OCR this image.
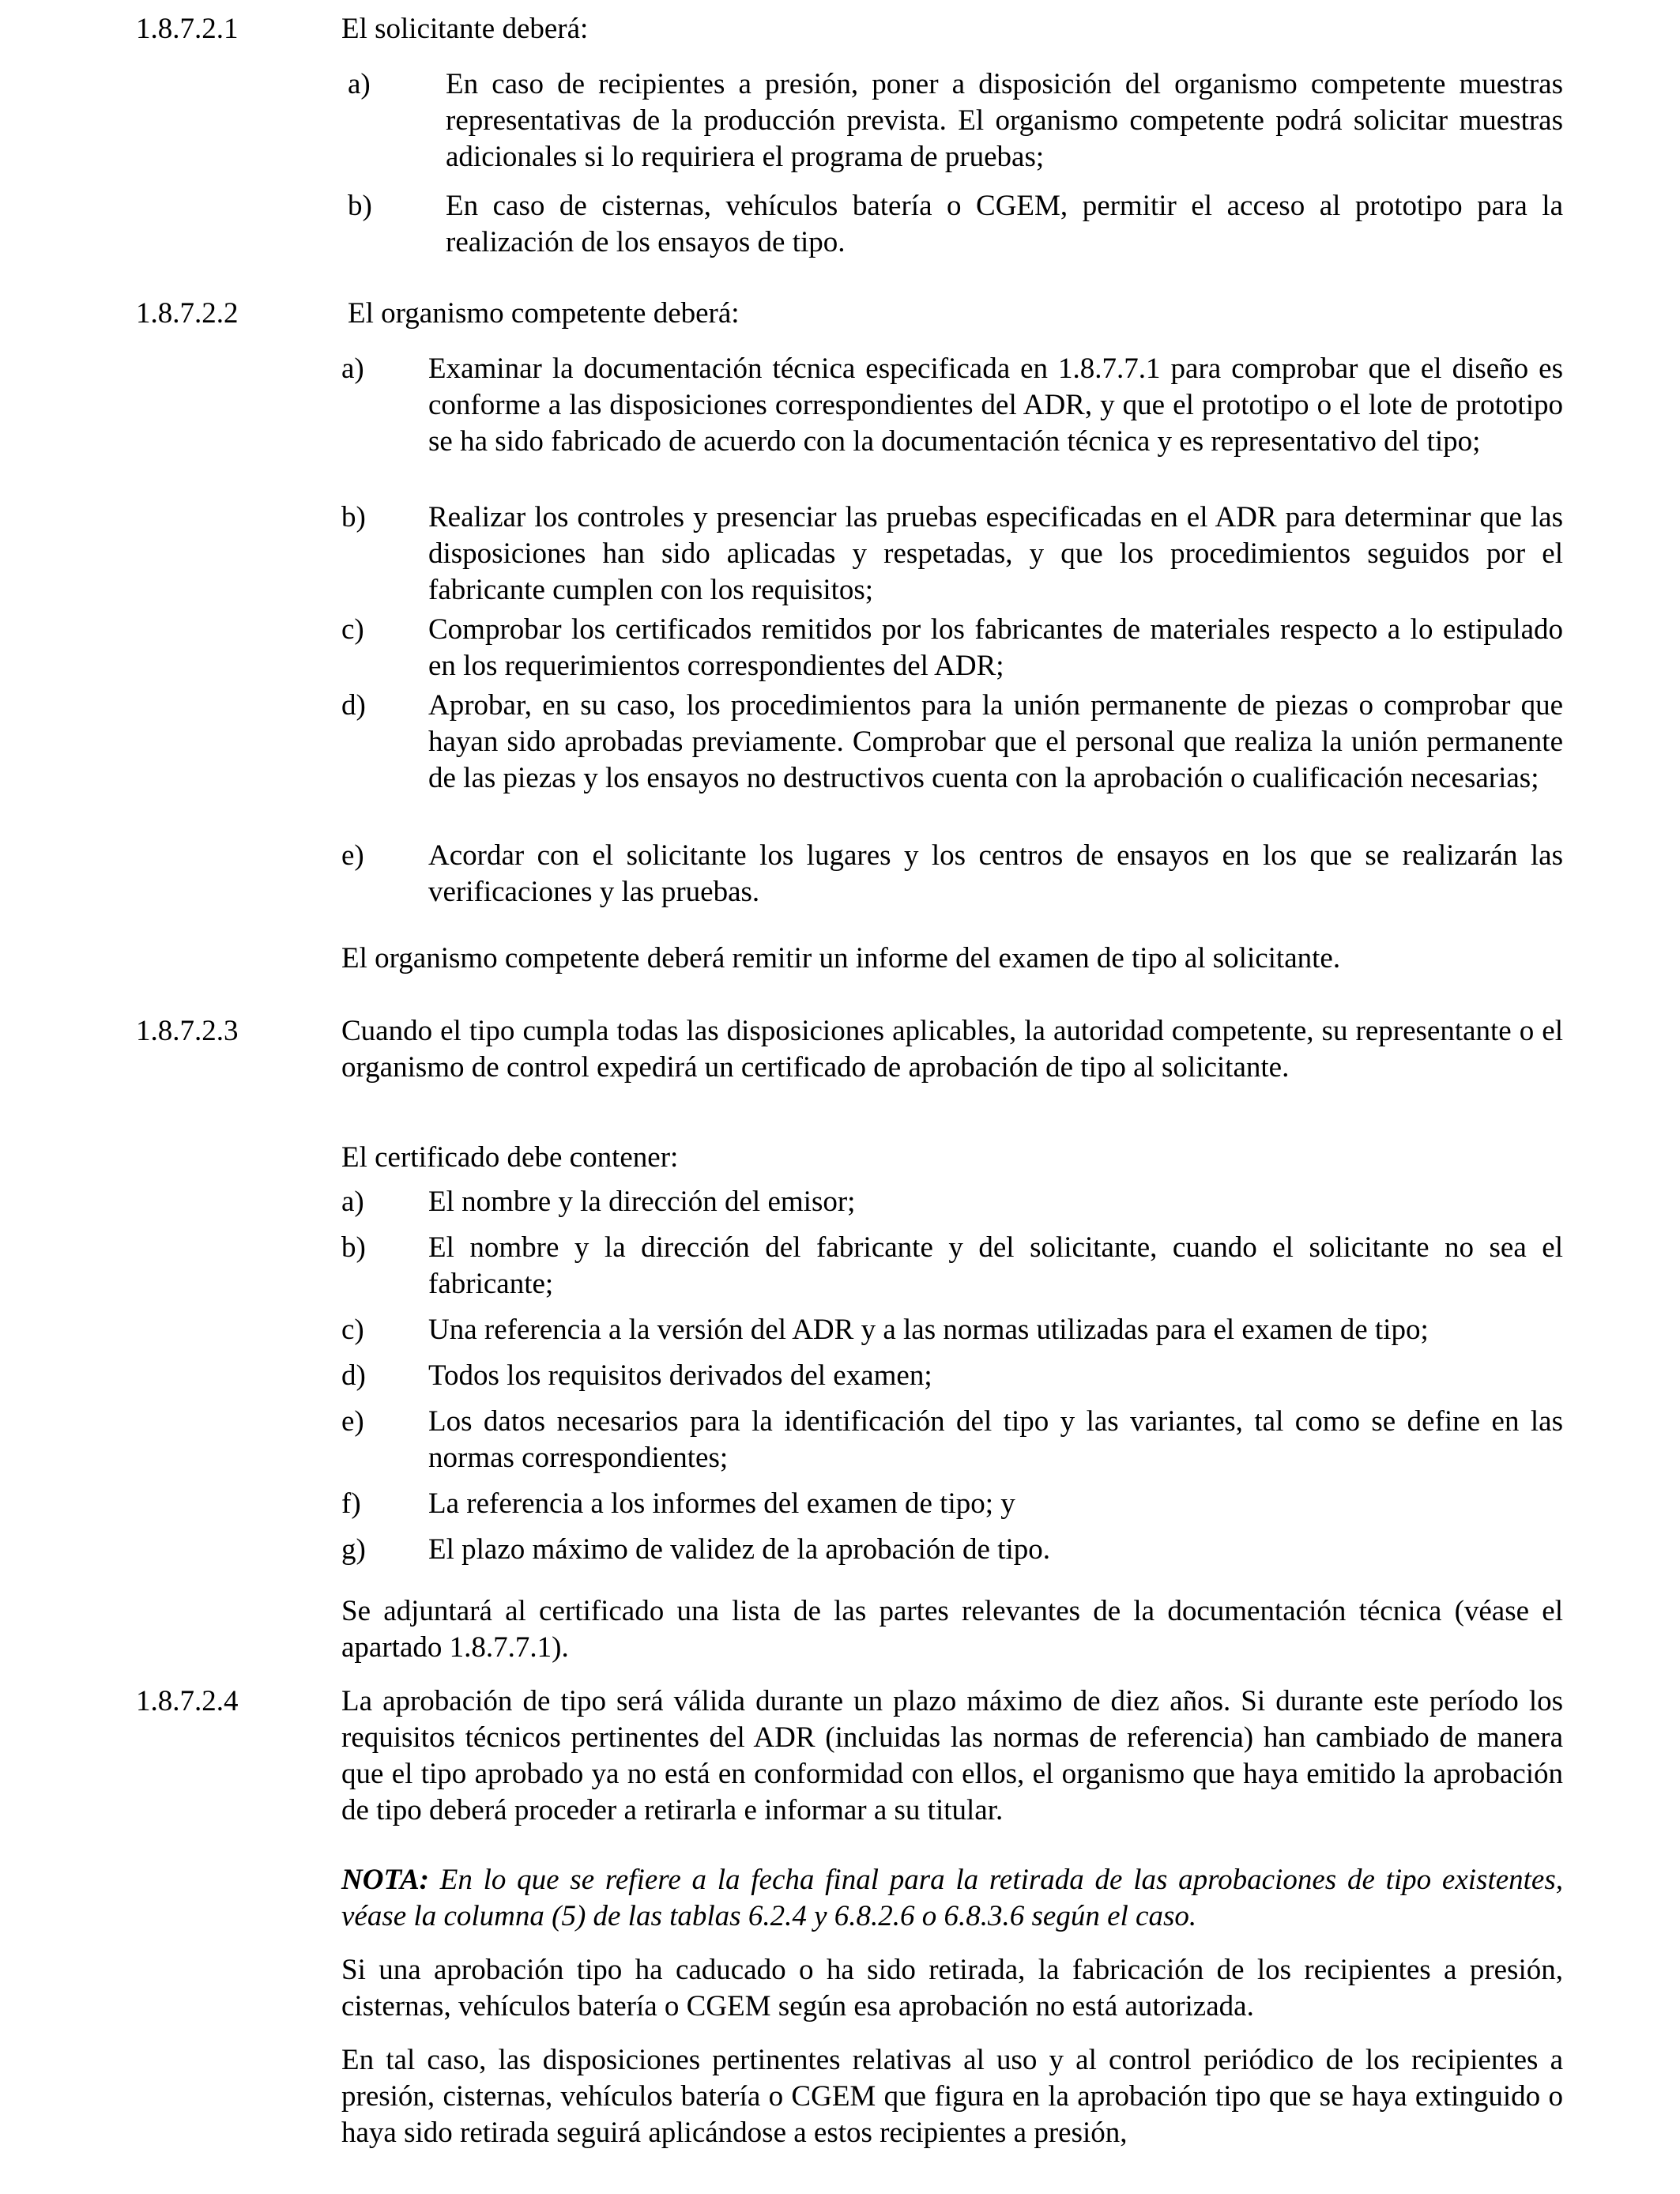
1.8.7.2.1	El solicitante deberá:

a)	En caso de recipientes a presión, poner a disposición del organismo competente muestras representativas de la producción prevista. El organismo competente podrá solicitar muestras adicionales si lo requiriera el programa de pruebas;
b)	En caso de cisternas, vehículos batería o CGEM, permitir el acceso al prototipo para la realización de los ensayos de tipo.
1.8.7.2.2	El organismo competente deberá:

a) Examinar la documentación técnica especificada en 1.8.7.7.1 para comprobar que el diseño es conforme a las disposiciones correspondientes del ADR, y que el prototipo o el lote de prototipo se ha sido fabricado de acuerdo con la documentación técnica y es representativo del tipo;
b) Realizar los controles y presenciar las pruebas especificadas en el ADR para determinar que las disposiciones han sido aplicadas y respetadas, y que los procedimientos seguidos por el fabricante cumplen con los requisitos;
c) Comprobar los certificados remitidos por los fabricantes de materiales respecto a lo estipulado en los requerimientos correspondientes del ADR;
d) Aprobar, en su caso, los procedimientos para la unión permanente de piezas o comprobar que hayan sido aprobadas previamente. Comprobar que el personal que realiza la unión permanente de las piezas y los ensayos no destructivos cuenta con la aprobación o cualificación necesarias;
e) Acordar con el solicitante los lugares y los centros de ensayos en los que se realizarán las verificaciones y las pruebas.

El organismo competente deberá remitir un informe del examen de tipo al solicitante.

1.8.7.2.3	Cuando el tipo cumpla todas las disposiciones aplicables, la autoridad competente, su representante o el organismo de control expedirá un certificado de aprobación de tipo al solicitante.

El certificado debe contener:

a) El nombre y la dirección del emisor;
b) El nombre y la dirección del fabricante y del solicitante, cuando el solicitante no sea el fabricante;
c) Una referencia a la versión del ADR y a las normas utilizadas para el examen de tipo;
d) Todos los requisitos derivados del examen;
e) Los datos necesarios para la identificación del tipo y las variantes, tal como se define en las normas correspondientes;
f) La referencia a los informes del examen de tipo; y
g) El plazo máximo de validez de la aprobación de tipo.

Se adjuntará al certificado una lista de las partes relevantes de la documentación técnica (véase el apartado 1.8.7.7.1).

1.8.7.2.4	La aprobación de tipo será válida durante un plazo máximo de diez años. Si durante este período los requisitos técnicos pertinentes del ADR (incluidas las normas de referencia) han cambiado de manera que el tipo aprobado ya no está en conformidad con ellos, el organismo que haya emitido la aprobación de tipo deberá proceder a retirarla e informar a su titular.

NOTA: En lo que se refiere a la fecha final para la retirada de las aprobaciones de tipo existentes, véase la columna (5) de las tablas 6.2.4 y 6.8.2.6 o 6.8.3.6 según el caso.

Si una aprobación tipo ha caducado o ha sido retirada, la fabricación de los recipientes a presión, cisternas, vehículos batería o CGEM según esa aprobación no está autorizada.

En tal caso, las disposiciones pertinentes relativas al uso y al control periódico de los recipientes a presión, cisternas, vehículos batería o CGEM que figura en la aprobación tipo que se haya extinguido o haya sido retirada seguirá aplicándose a estos recipientes a presión,
